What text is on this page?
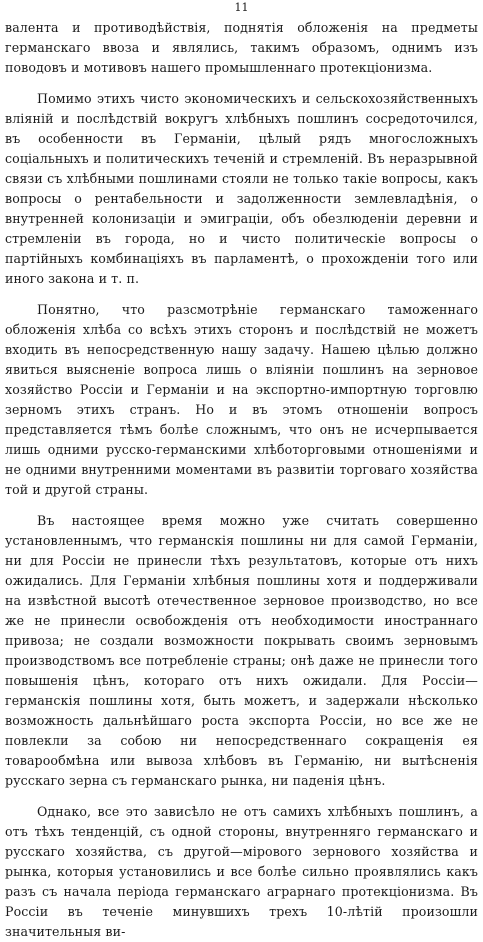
11

валента и противодѣйствія, поднятія обложенія на предметы германскаго ввоза и являлись, такимъ образомъ, однимъ изъ поводовъ и мотивовъ нашего промышленнаго протекціонизма.

Помимо этихъ чисто экономическихъ и сельскохозяйственныхъ вліяній и послѣдствій вокругъ хлѣбныхъ пошлинъ сосредоточился, въ особенности въ Германіи, цѣлый рядъ многосложныхъ соціальныхъ и политическихъ теченій и стремленій. Въ неразрывной связи съ хлѣбными пошлинами стояли не только такіе вопросы, какъ вопросы о рентабельности и задолженности землевладѣнія, о внутренней колонизаціи и эмиграціи, объ обезлюденіи деревни и стремленіи въ города, но и чисто политическіе вопросы о партійныхъ комбинаціяхъ въ парламентѣ, о прохожденіи того или иного закона и т. п.

Понятно, что разсмотрѣніе германскаго таможеннаго обложенія хлѣба со всѣхъ этихъ сторонъ и послѣдствій не можетъ входить въ непосредственную нашу задачу. Нашею цѣлью должно явиться выясненіе вопроса лишь о вліяніи пошлинъ на зерновое хозяйство Россіи и Германіи и на экспортно-импортную торговлю зерномъ этихъ странъ. Но и въ этомъ отношеніи вопросъ представляется тѣмъ болѣе сложнымъ, что онъ не исчерпывается лишь одними русско-германскими хлѣботорговыми отношеніями и не одними внутренними моментами въ развитіи торговаго хозяйства той и другой страны.

Въ настоящее время можно уже считать совершенно установленнымъ, что германскія пошлины ни для самой Германіи, ни для Россіи не принесли тѣхъ результатовъ, которые отъ нихъ ожидались. Для Германіи хлѣбныя пошлины хотя и поддерживали на извѣстной высотѣ отечественное зерновое производство, но все же не принесли освобожденія отъ необходимости иностраннаго привоза; не создали возможности покрывать своимъ зерновымъ производствомъ все потребленіе страны; онѣ даже не принесли того повышенія цѣнъ, котораго отъ нихъ ожидали. Для Россіи—германскія пошлины хотя, быть можетъ, и задержали нѣсколько возможность дальнѣйшаго роста экспорта Россіи, но все же не повлекли за собою ни непосредственнаго сокращенія ея товарообмѣна или вывоза хлѣбовъ въ Германію, ни вытѣсненія русскаго зерна съ германскаго рынка, ни паденія цѣнъ.

Однако, все это зависѣло не отъ самихъ хлѣбныхъ пошлинъ, а отъ тѣхъ тенденцій, съ одной стороны, внутренняго германскаго и русскаго хозяйства, съ другой—мірового зернового хозяйства и рынка, которыя установились и все болѣе сильно проявлялись какъ разъ съ начала періода германскаго аграрнаго протекціонизма. Въ Россіи въ теченіе минувшихъ трехъ 10-лѣтій произошли значительныя ви-
